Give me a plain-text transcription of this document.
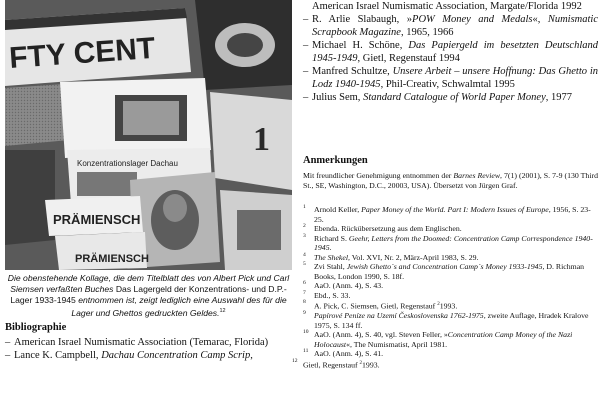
FTY CENT
1
Konzentrationslager Dachau
PRÄMIENSCH
PRÄMIENSCH
Die obenstehende Kollage, die dem Titelblatt des von Albert Pick und Carl Siemsen verfaßten Buches Das Lagergeld der Konzentrations- und D.P.-Lager 1933-1945 entnommen ist, zeigt lediglich eine Auswahl des für die Lager und Ghettos gedruckten Geldes.$^{12}$
Bibliographie
– American Israel Numismatic Association (Temarac, Florida)
– Lance K. Campbell, Dachau Concentration Camp Scrip,
American Israel Numismatic Association, Margate/Florida 1992
– R. Arlie Slabaugh, »POW Money and Medals«, Numismatic Scrapbook Magazine, 1965, 1966
– Michael H. Schöne, Das Papiergeld im besetzten Deutschland 1945-1949, Gietl, Regenstauf 1994
– Manfred Schultze, Unsere Arbeit – unsere Hoffnung: Das Ghetto in Lodz 1940-1945, Phil-Creativ, Schwalmtal 1995
– Julius Sem, Standard Catalogue of World Paper Money, 1977
Anmerkungen
Mit freundlicher Genehmigung entnommen der Barnes Review, 7(1) (2001), S. 7-9 (130 Third St., SE, Washington, D.C., 20003, USA). Übersetzt von Jürgen Graf.
1 Arnold Keller, Paper Money of the World. Part I: Modern Issues of Europe, 1956, S. 23-25.
2 Ebenda. Rückübersetzung aus dem Englischen.
3 Richard S. Geehr, Letters from the Doomed: Concentration Camp Correspondence 1940-1945.
4 The Shekel, Vol. XVI, Nr. 2, März-April 1983, S. 29.
5 Zvi Stahl, Jewish Ghetto´s and Concentration Camp´s Money 1933-1945, D. Richman Books, London 1990, S. 18f.
6 AaO. (Anm. 4), S. 43.
7 Ebd., S. 33.
8 A. Pick, C. Siemsen, Gietl, Regenstauf $^2$1993.
9 Papírové Peníze na Uzemí Československa 1762-1975, zweite Auflage, Hradek Kralove 1975, S. 134 ff.
10 AaO. (Anm. 4), S. 40, vgl. Steven Feller, »Concentration Camp Money of the Nazi Holocaust«, The Numismatist, April 1981.
11 AaO. (Anm. 4), S. 41.
12 Gietl, Regenstauf $^2$1993.
